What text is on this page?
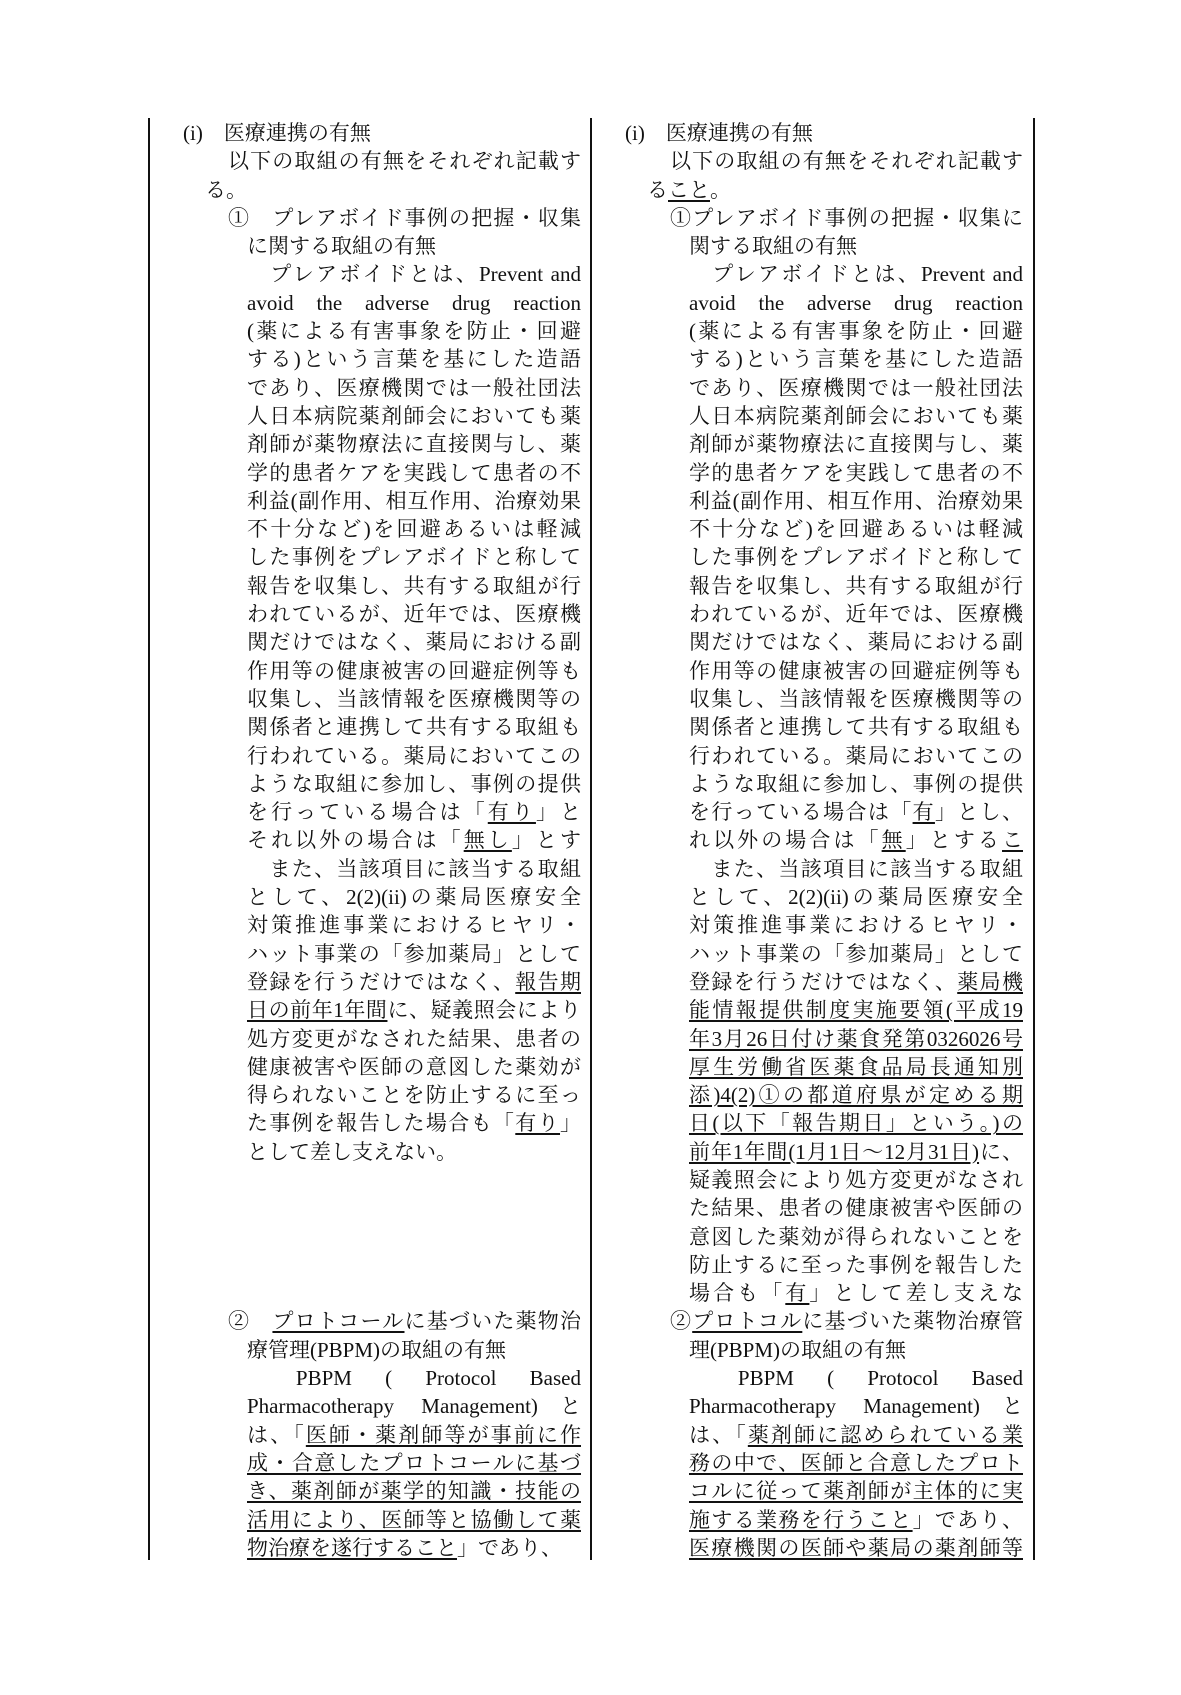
(i)　医療連携の有無
以下の取組の有無をそれぞれ記載す
る。
①　プレアボイド事例の把握・収集
に関する取組の有無
　プレアボイドとは、Prevent and
avoid the adverse drug reaction
(薬による有害事象を防止・回避
する)という言葉を基にした造語
であり、医療機関では一般社団法
人日本病院薬剤師会においても薬
剤師が薬物療法に直接関与し、薬
学的患者ケアを実践して患者の不
利益(副作用、相互作用、治療効果
不十分など)を回避あるいは軽減
した事例をプレアボイドと称して
報告を収集し、共有する取組が行
われているが、近年では、医療機
関だけではなく、薬局における副
作用等の健康被害の回避症例等も
収集し、当該情報を医療機関等の
関係者と連携して共有する取組も
行われている。薬局においてこの
ような取組に参加し、事例の提供
を行っている場合は「有り」と
それ以外の場合は「無し」とす
　また、当該項目に該当する取組
として、2(2)(ii)の薬局医療安全
対策推進事業におけるヒヤリ・
ハット事業の「参加薬局」として
登録を行うだけではなく、報告期
日の前年1年間に、疑義照会により
処方変更がなされた結果、患者の
健康被害や医師の意図した薬効が
得られないことを防止するに至っ
た事例を報告した場合も「有り」
として差し支えない。
②　プロトコールに基づいた薬物治
療管理(PBPM)の取組の有無
　PBPM ( Protocol Based
Pharmacotherapy Management)と
は、「医師・薬剤師等が事前に作
成・合意したプロトコールに基づ
き、薬剤師が薬学的知識・技能の
活用により、医師等と協働して薬
物治療を遂行すること」であり、
(i)　医療連携の有無
以下の取組の有無をそれぞれ記載す
ること。
①プレアボイド事例の把握・収集に
関する取組の有無
　プレアボイドとは、Prevent and
avoid the adverse drug reaction
(薬による有害事象を防止・回避
する)という言葉を基にした造語
であり、医療機関では一般社団法
人日本病院薬剤師会においても薬
剤師が薬物療法に直接関与し、薬
学的患者ケアを実践して患者の不
利益(副作用、相互作用、治療効果
不十分など)を回避あるいは軽減
した事例をプレアボイドと称して
報告を収集し、共有する取組が行
われているが、近年では、医療機
関だけではなく、薬局における副
作用等の健康被害の回避症例等も
収集し、当該情報を医療機関等の
関係者と連携して共有する取組も
行われている。薬局においてこの
ような取組に参加し、事例の提供
を行っている場合は「有」とし、
れ以外の場合は「無」とするこ
　また、当該項目に該当する取組
として、2(2)(ii)の薬局医療安全
対策推進事業におけるヒヤリ・
ハット事業の「参加薬局」として
登録を行うだけではなく、薬局機
能情報提供制度実施要領(平成19
年3月26日付け薬食発第0326026号
厚生労働省医薬食品局長通知別
添)4(2)①の都道府県が定める期
日(以下「報告期日」という。)の
前年1年間(1月1日～12月31日)に、
疑義照会により処方変更がなされ
た結果、患者の健康被害や医師の
意図した薬効が得られないことを
防止するに至った事例を報告した
場合も「有」として差し支えな
②プロトコルに基づいた薬物治療管
理(PBPM)の取組の有無
　PBPM ( Protocol Based
Pharmacotherapy Management)と
は、「薬剤師に認められている業
務の中で、医師と合意したプロト
コルに従って薬剤師が主体的に実
施する業務を行うこと」であり、
医療機関の医師や薬局の薬剤師等
